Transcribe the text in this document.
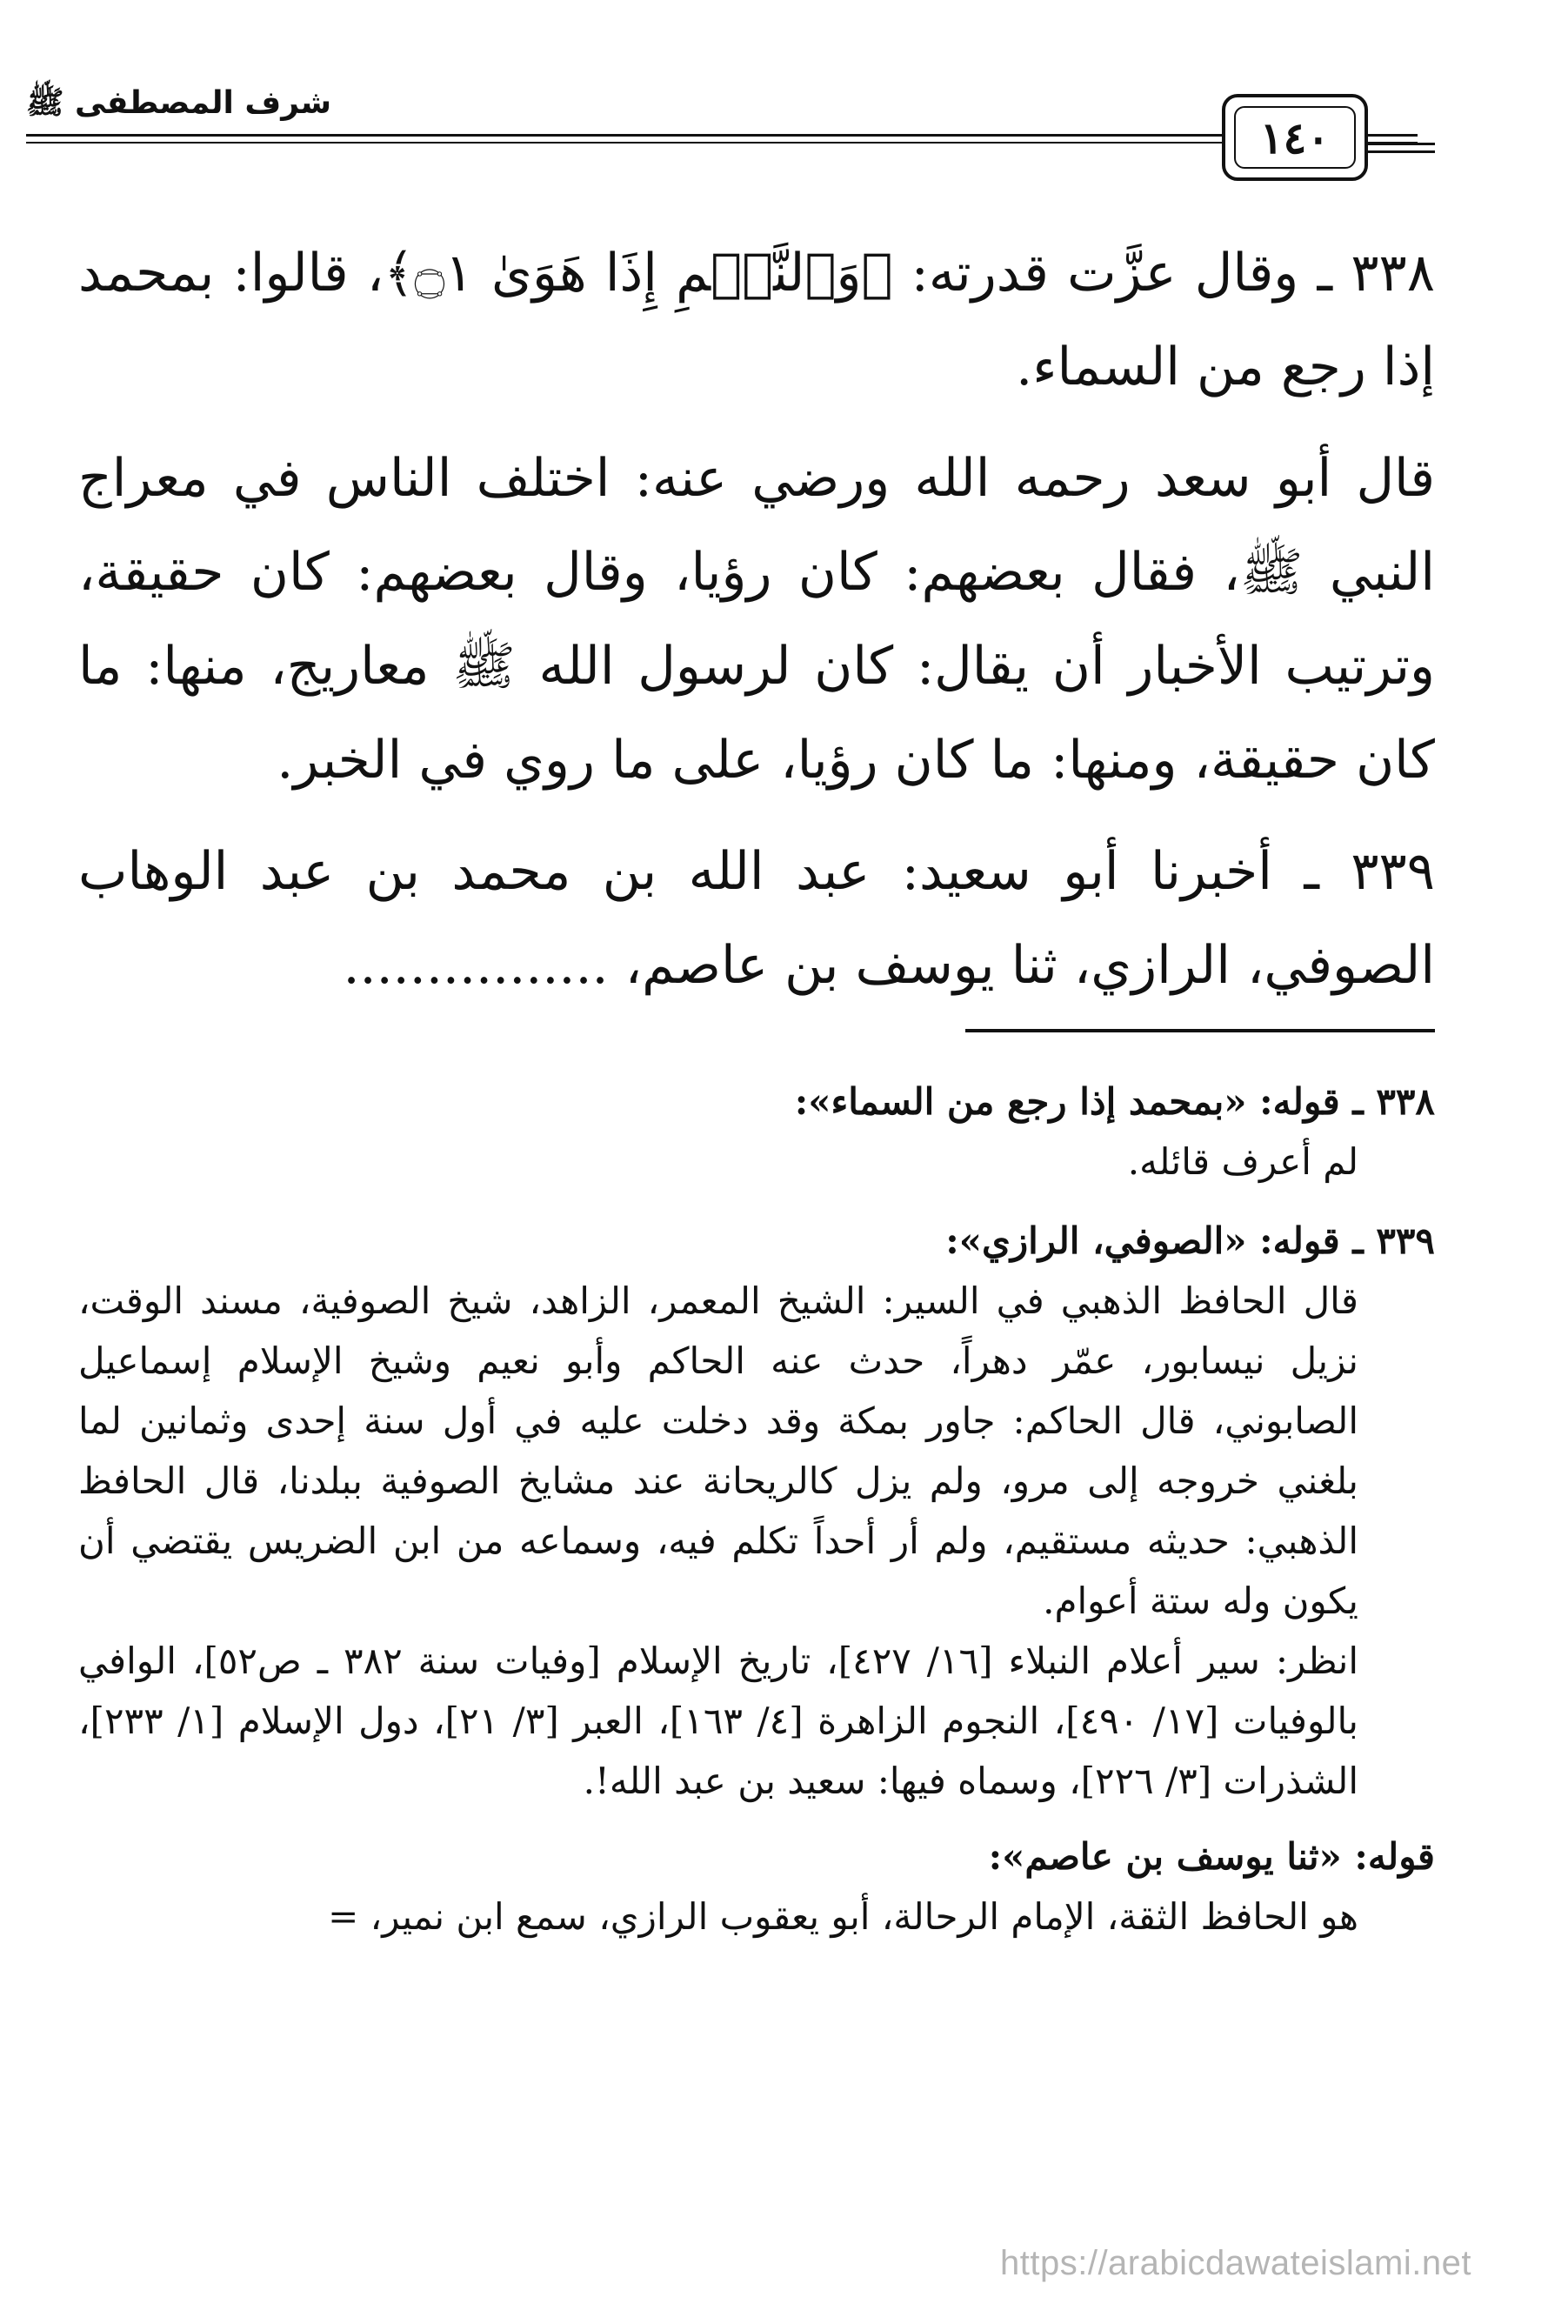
شرف المصطفى ﷺ
١٤٠

٣٣٨ ـ وقال عزَّت قدرته: ﴿وَٱلنَّجۡمِ إِذَا هَوَىٰ ۝١﴾، قالوا: بمحمد إذا رجع من السماء.

قال أبو سعد رحمه الله ورضي عنه: اختلف الناس في معراج النبي ﷺ، فقال بعضهم: كان رؤيا، وقال بعضهم: كان حقيقة، وترتيب الأخبار أن يقال: كان لرسول الله ﷺ معاريج، منها: ما كان حقيقة، ومنها: ما كان رؤيا، على ما روي في الخبر.

٣٣٩ ـ أخبرنا أبو سعيد: عبد الله بن محمد بن عبد الوهاب الصوفي، الرازي، ثنا يوسف بن عاصم، ................

٣٣٨ ـ قوله: «بمحمد إذا رجع من السماء»:

لم أعرف قائله.

٣٣٩ ـ قوله: «الصوفي، الرازي»:

قال الحافظ الذهبي في السير: الشيخ المعمر، الزاهد، شيخ الصوفية، مسند الوقت، نزيل نيسابور، عمّر دهراً، حدث عنه الحاكم وأبو نعيم وشيخ الإسلام إسماعيل الصابوني، قال الحاكم: جاور بمكة وقد دخلت عليه في أول سنة إحدى وثمانين لما بلغني خروجه إلى مرو، ولم يزل كالريحانة عند مشايخ الصوفية ببلدنا، قال الحافظ الذهبي: حديثه مستقيم، ولم أر أحداً تكلم فيه، وسماعه من ابن الضريس يقتضي أن يكون وله ستة أعوام.

انظر: سير أعلام النبلاء [١٦/ ٤٢٧]، تاريخ الإسلام [وفيات سنة ٣٨٢ ـ ص٥٢]، الوافي بالوفيات [١٧/ ٤٩٠]، النجوم الزاهرة [٤/ ١٦٣]، العبر [٣/ ٢١]، دول الإسلام [١/ ٢٣٣]، الشذرات [٣/ ٢٢٦]، وسماه فيها: سعيد بن عبد الله!.

قوله: «ثنا يوسف بن عاصم»:

هو الحافظ الثقة، الإمام الرحالة، أبو يعقوب الرازي، سمع ابن نمير، =

https://arabicdawateislami.net
